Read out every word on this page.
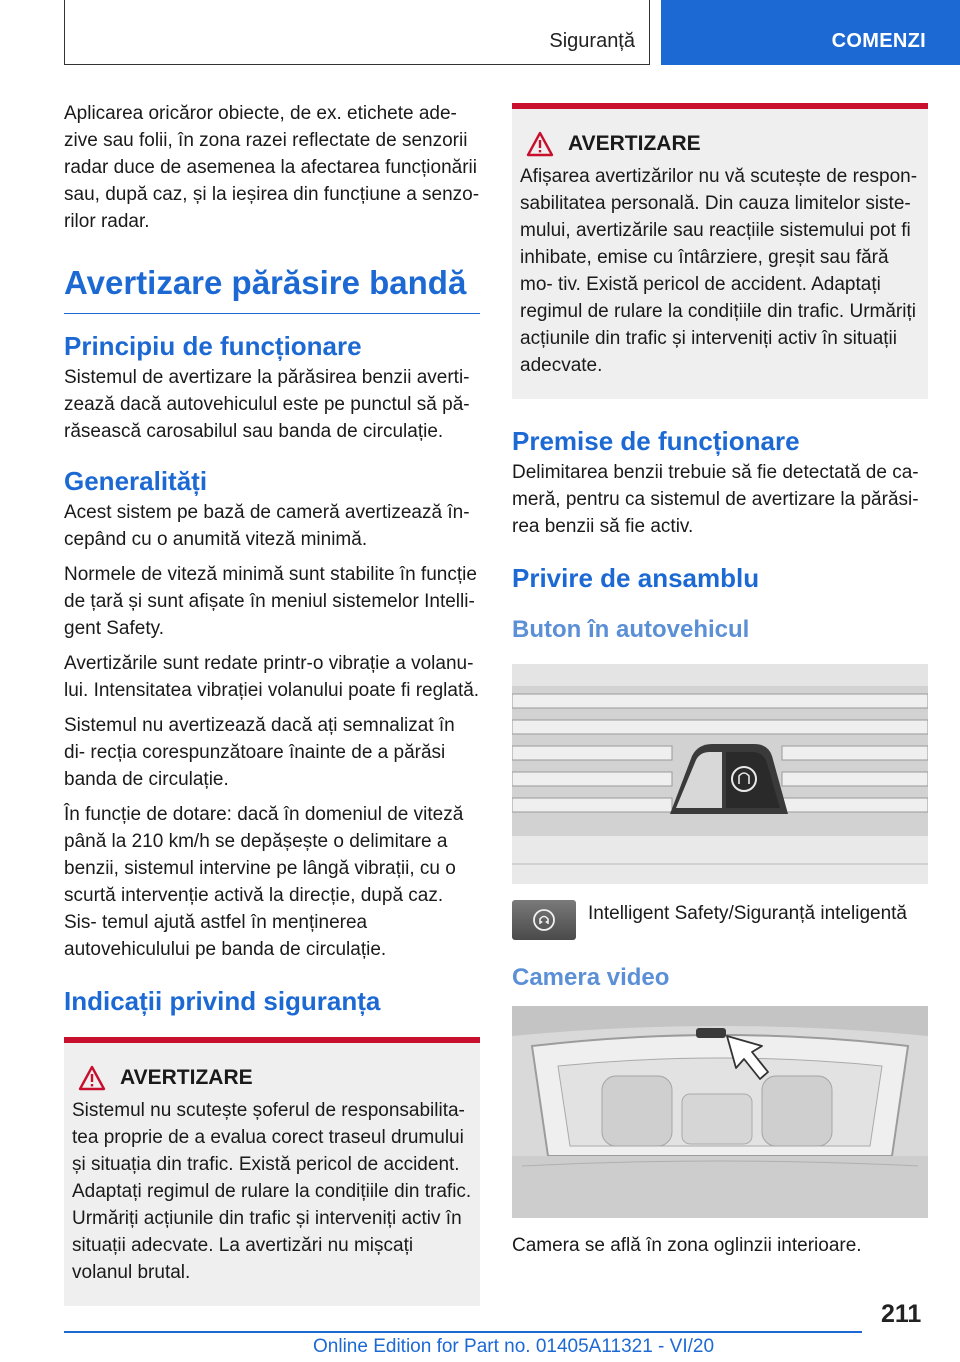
Siguranță	COMENZI

Aplicarea oricăror obiecte, de ex. etichete ade- zive sau folii, în zona razei reflectate de senzorii radar duce de asemenea la afectarea funcționării sau, după caz, și la ieșirea din funcțiune a senzo- rilor radar.

Avertizare părăsire bandă
Principiu de funcționare

Sistemul de avertizare la părăsirea benzii averti- zează dacă autovehiculul este pe punctul să pă- răsească carosabilul sau banda de circulație.

Generalități

Acest sistem pe bază de cameră avertizează în- cepând cu o anumită viteză minimă.

Normele de viteză minimă sunt stabilite în funcție de țară și sunt afișate în meniul sistemelor Intelli- gent Safety.

Avertizările sunt redate printr-o vibrație a volanu- lui. Intensitatea vibrației volanului poate fi reglată.

Sistemul nu avertizează dacă ați semnalizat în di- recția corespunzătoare înainte de a părăsi banda de circulație.

În funcție de dotare: dacă în domeniul de viteză până la 210 km/h se depășește o delimitare a benzii, sistemul intervine pe lângă vibrații, cu o scurtă intervenție activă la direcție, după caz. Sis- temul ajută astfel în menținerea autovehiculului pe banda de circulație.

Indicații privind siguranța
AVERTIZARE

Sistemul nu scutește șoferul de responsabilita- tea proprie de a evalua corect traseul drumului și situația din trafic. Există pericol de accident. Adaptați regimul de rulare la condițiile din trafic. Urmăriți acțiunile din trafic și interveniți activ în situații adecvate. La avertizări nu mișcați volanul brutal.

AVERTIZARE

Afișarea avertizărilor nu vă scutește de respon- sabilitatea personală. Din cauza limitelor siste- mului, avertizările sau reacțiile sistemului pot fi inhibate, emise cu întârziere, greșit sau fără mo- tiv. Există pericol de accident. Adaptați regimul de rulare la condițiile din trafic. Urmăriți acțiunile din trafic și interveniți activ în situații adecvate.

Premise de funcționare

Delimitarea benzii trebuie să fie detectată de ca- meră, pentru ca sistemul de avertizare la părăsi- rea benzii să fie activ.

Privire de ansamblu
Buton în autovehicul
Intelligent Safety/Siguranță inteligentă
Camera video

Camera se află în zona oglinzii interioare.

211
Online Edition for Part no. 01405A11321 - VI/20
